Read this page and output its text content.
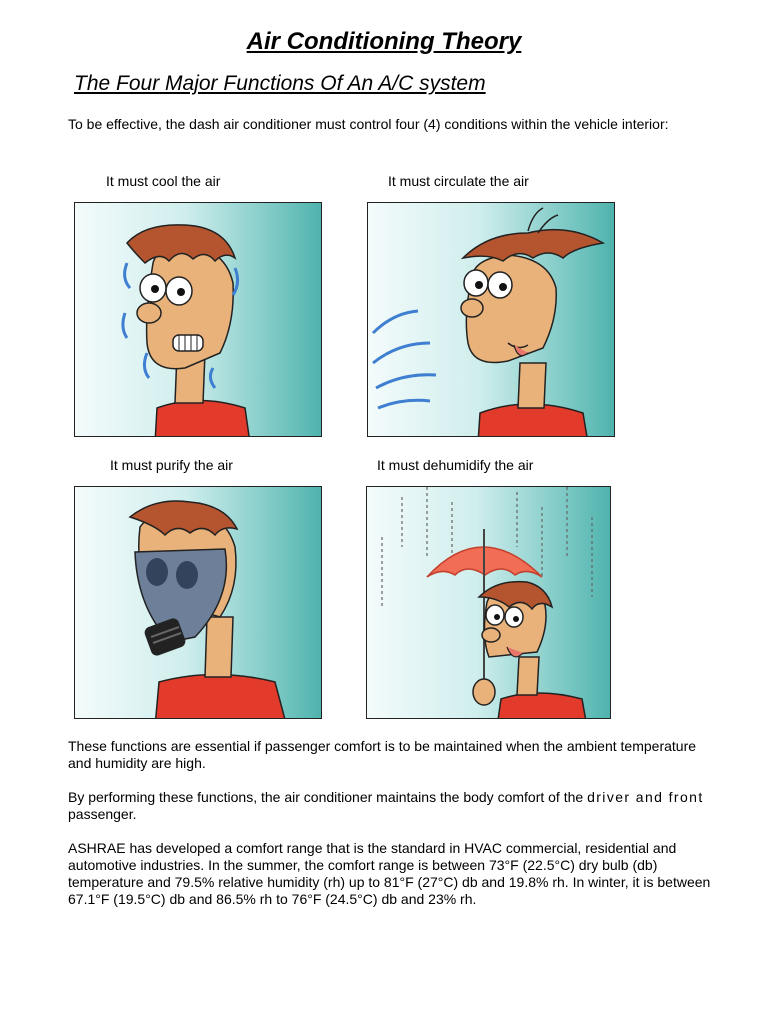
Air Conditioning Theory
The Four Major Functions Of An A/C system
To be effective, the dash air conditioner must control four (4) conditions within the vehicle interior:
It must cool the air	It must circulate the air
It must purify the air	It must dehumidify the air
These functions are essential if passenger comfort is to be maintained when the ambient temperature and humidity are high.
By performing these functions, the air conditioner maintains the body comfort of the driver and front passenger.
ASHRAE has developed a comfort range that is the standard in HVAC commercial, residential and automotive industries. In the summer, the comfort range is between 73°F (22.5°C) dry bulb (db) temperature and 79.5% relative humidity (rh) up to 81°F (27°C) db and 19.8% rh. In winter, it is between 67.1°F (19.5°C) db and 86.5% rh to 76°F (24.5°C) db and 23% rh.
